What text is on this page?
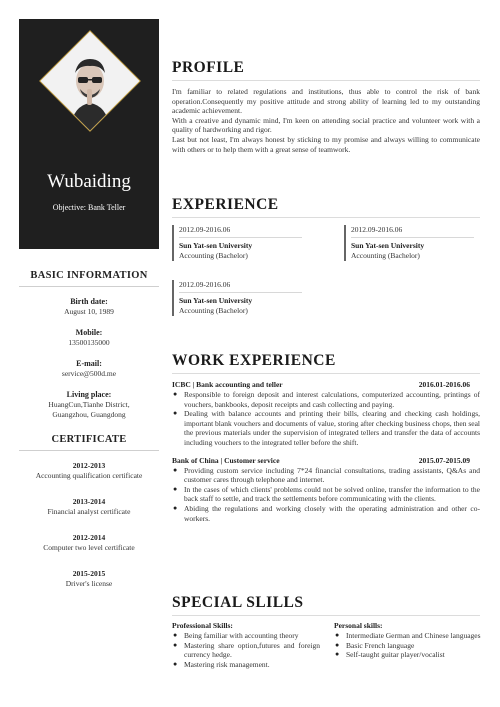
Wubaiding
Objective: Bank Teller
BASIC INFORMATION
Birth date:
August 10, 1989
Mobile:
13500135000
E-mail:
service@500d.me
Living place:
HuangCun,Tianhe District, Guangzhou, Guangdong
CERTIFICATE
2012-2013
Accounting qualification certificate
2013-2014
Financial analyst certificate
2012-2014
Computer two level certificate
2015-2015
Driver's license
PROFILE

I'm familiar to related regulations and institutions, thus able to control the risk of bank operation.Consequently my positive attitude and strong ability of learning led to my outstanding academic achievement.

With a creative and dynamic mind, I'm keen on attending social practice and volunteer work with a quality of hardworking and rigor.

Last but not least, I'm always honest by sticking to my promise and always willing to communicate with others or to help them with a great sense of teamwork.

EXPERIENCE
2012.09-2016.06
Sun Yat-sen University
Accounting (Bachelor)
2012.09-2016.06
Sun Yat-sen University
Accounting (Bachelor)
2012.09-2016.06
Sun Yat-sen University
Accounting (Bachelor)
WORK EXPERIENCE
ICBC | Bank accounting and teller	2016.01-2016.06
● Responsible to foreign deposit and interest calculations, computerized accounting, printings of vouchers, bankbooks, deposit receipts and cash collecting and paying.
● Dealing with balance accounts and printing their bills, clearing and checking cash holdings, important blank vouchers and documents of value, storing after checking business chops, then seal the previous materials under the supervision of integrated tellers and transfer the data of accounts including vouchers to the integrated teller before the shift.
Bank of China | Customer service	2015.07-2015.09
● Providing custom service including 7*24 financial consultations, trading assistants, Q&As and customer cares through telephone and internet.
● In the cases of which clients' problems could not be solved online, transfer the information to the back staff to settle, and track the settlements before communicating with the clients.
● Abiding the regulations and working closely with the operating administration and other co-workers.
SPECIAL SLILLS
Professional Skills:
● Being familiar with accounting theory
● Mastering share option,futures and foreign currency hedge.
● Mastering risk management.
Personal skills:
● Intermediate German and Chinese languages
● Basic French language
● Self-taught guitar player/vocalist
